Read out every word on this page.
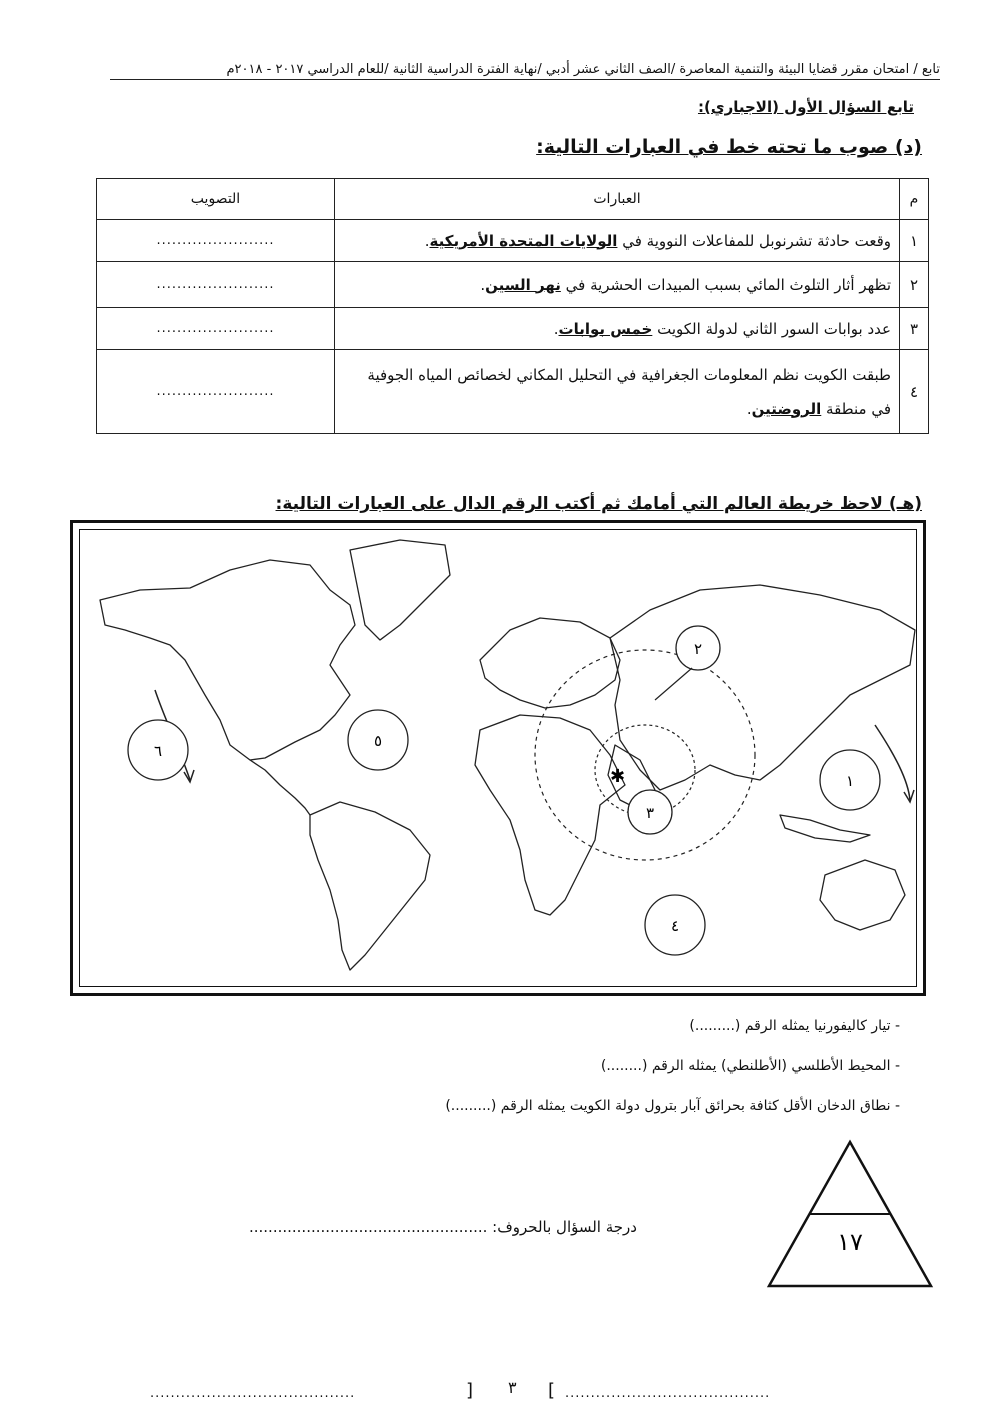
تابع / امتحان مقرر قضايا البيئة والتنمية المعاصرة /الصف الثاني عشر أدبي /نهاية الفترة الدراسية الثانية /للعام الدراسي ٢٠١٧ - ٢٠١٨م
تابع السؤال الأول (الاجباري):
(د) صوب ما تحته خط في العبارات التالية:
م	العبارات	التصويب
١	وقعت حادثة تشرنوبل للمفاعلات النووية في الولايات المتحدة الأمريكية.	.......................
٢	تظهر أثار التلوث المائي بسبب المبيدات الحشرية في نهر السين.	.......................
٣	عدد بوابات السور الثاني لدولة الكويت خمس بوابات.	.......................
٤	طبقت الكويت نظم المعلومات الجغرافية في التحليل المكاني لخصائص المياه الجوفية في منطقة الروضتين.	.......................
(هـ) لاحظ خريطة العالم التي أمامك ثم أكتب الرقم الدال على العبارات التالية:
٦
٥
٢
٣
١
٤
✱
- تيار كاليفورنيا يمثله الرقم (.........)
- المحيط الأطلسي (الأطلنطي) يمثله الرقم (........)
- نطاق الدخان الأقل كثافة بحرائق آبار بترول دولة الكويت يمثله الرقم (.........)
درجة السؤال بالحروف: ..................................................
١٧
........................................	] ٣ [ ........................................
